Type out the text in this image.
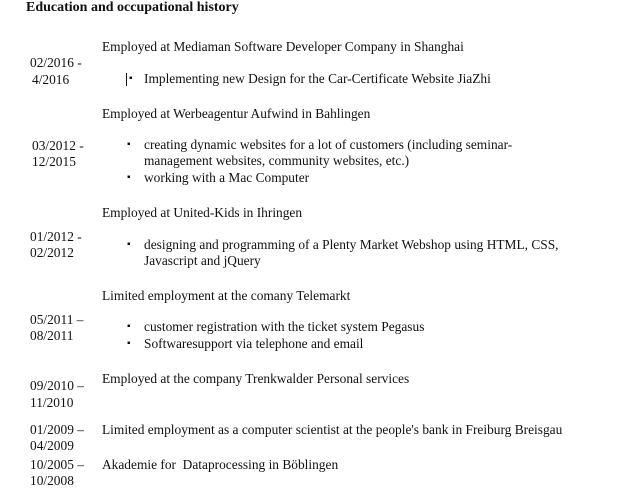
Education and occupational history
Employed at Mediaman Software Developer Company in Shanghai
02/2016 -
4/2016	▪ Implementing new Design for the Car-Certificate Website JiaZhi
Employed at Werbeagentur Aufwind in Bahlingen
03/2012 -
12/2015
▪ creating dynamic websites for a lot of customers (including seminar-
management websites, community websites, etc.)
▪ working with a Mac Computer
Employed at United-Kids in Ihringen
01/2012 -
02/2012
▪ designing and programming of a Plenty Market Webshop using HTML, CSS,
Javascript and jQuery
Limited employment at the comany Telemarkt
05/2011 –
08/2011
▪ customer registration with the ticket system Pegasus
▪ Softwaresupport via telephone and email
Employed at the company Trenkwalder Personal services
09/2010 –
11/2010
Limited employment as a computer scientist at the people's bank in Freiburg Breisgau
01/2009 –
04/2009
Akademie for  Dataprocessing in Böblingen
10/2005 –
10/2008
